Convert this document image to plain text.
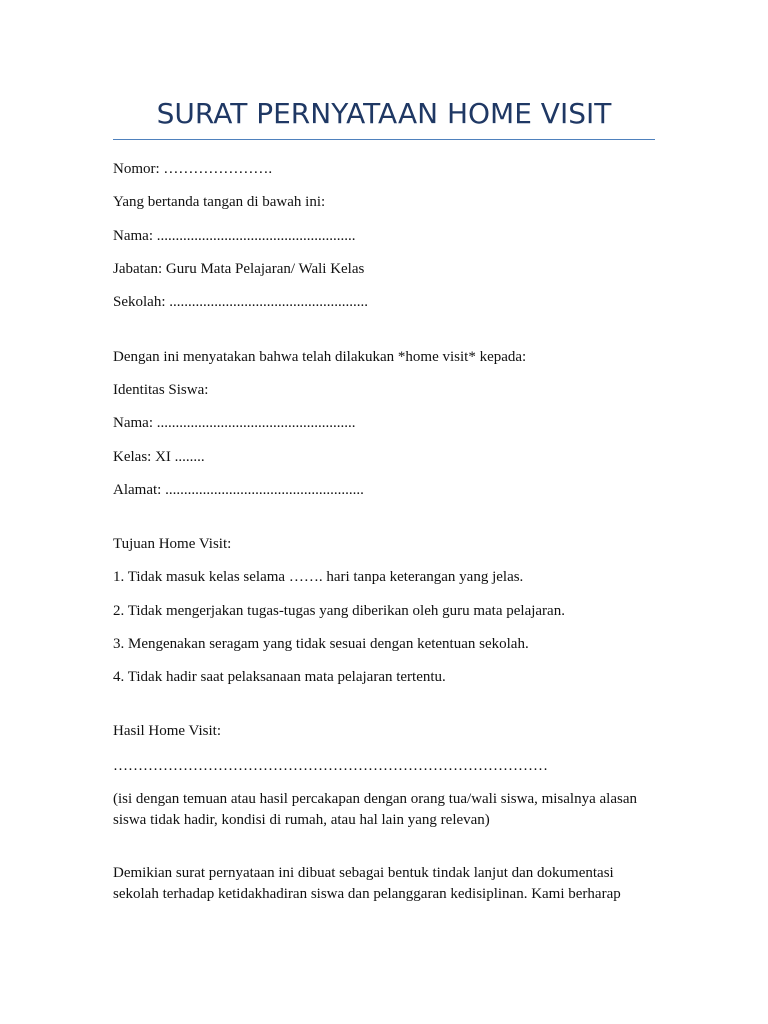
SURAT PERNYATAAN HOME VISIT
Nomor: ………………….
Yang bertanda tangan di bawah ini:
Nama: .....................................................
Jabatan: Guru Mata Pelajaran/ Wali Kelas
Sekolah: .....................................................
Dengan ini menyatakan bahwa telah dilakukan *home visit* kepada:
Identitas Siswa:
Nama: .....................................................
Kelas: XI ........
Alamat: .....................................................
Tujuan Home Visit:
1. Tidak masuk kelas selama ……. hari tanpa keterangan yang jelas.
2. Tidak mengerjakan tugas-tugas yang diberikan oleh guru mata pelajaran.
3. Mengenakan seragam yang tidak sesuai dengan ketentuan sekolah.
4. Tidak hadir saat pelaksanaan mata pelajaran tertentu.
Hasil Home Visit:
……………………………………………………………………………
(isi dengan temuan atau hasil percakapan dengan orang tua/wali siswa, misalnya alasan siswa tidak hadir, kondisi di rumah, atau hal lain yang relevan)
Demikian surat pernyataan ini dibuat sebagai bentuk tindak lanjut dan dokumentasi sekolah terhadap ketidakhadiran siswa dan pelanggaran kedisiplinan. Kami berharap
